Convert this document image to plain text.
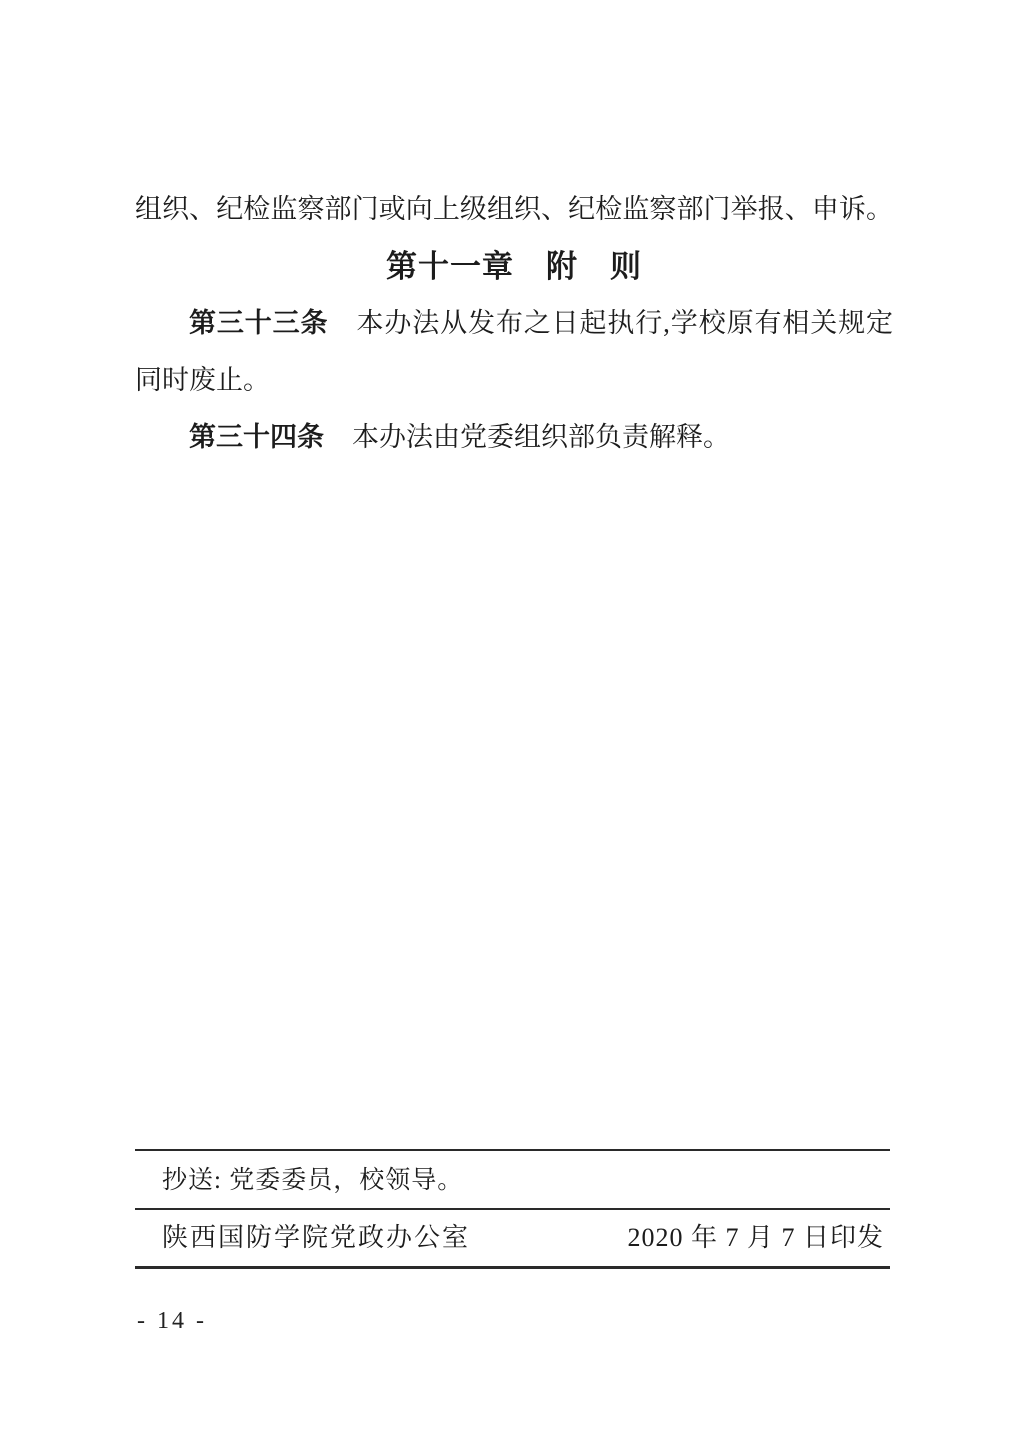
组织、纪检监察部门或向上级组织、纪检监察部门举报、申诉。

第十一章　附　则

第三十三条 本办法从发布之日起执行,学校原有相关规定同时废止。

第三十四条 本办法由党委组织部负责解释。

抄送: 党委委员，校领导。
陕西国防学院党政办公室	2020 年 7 月 7 日印发
- 14 -
